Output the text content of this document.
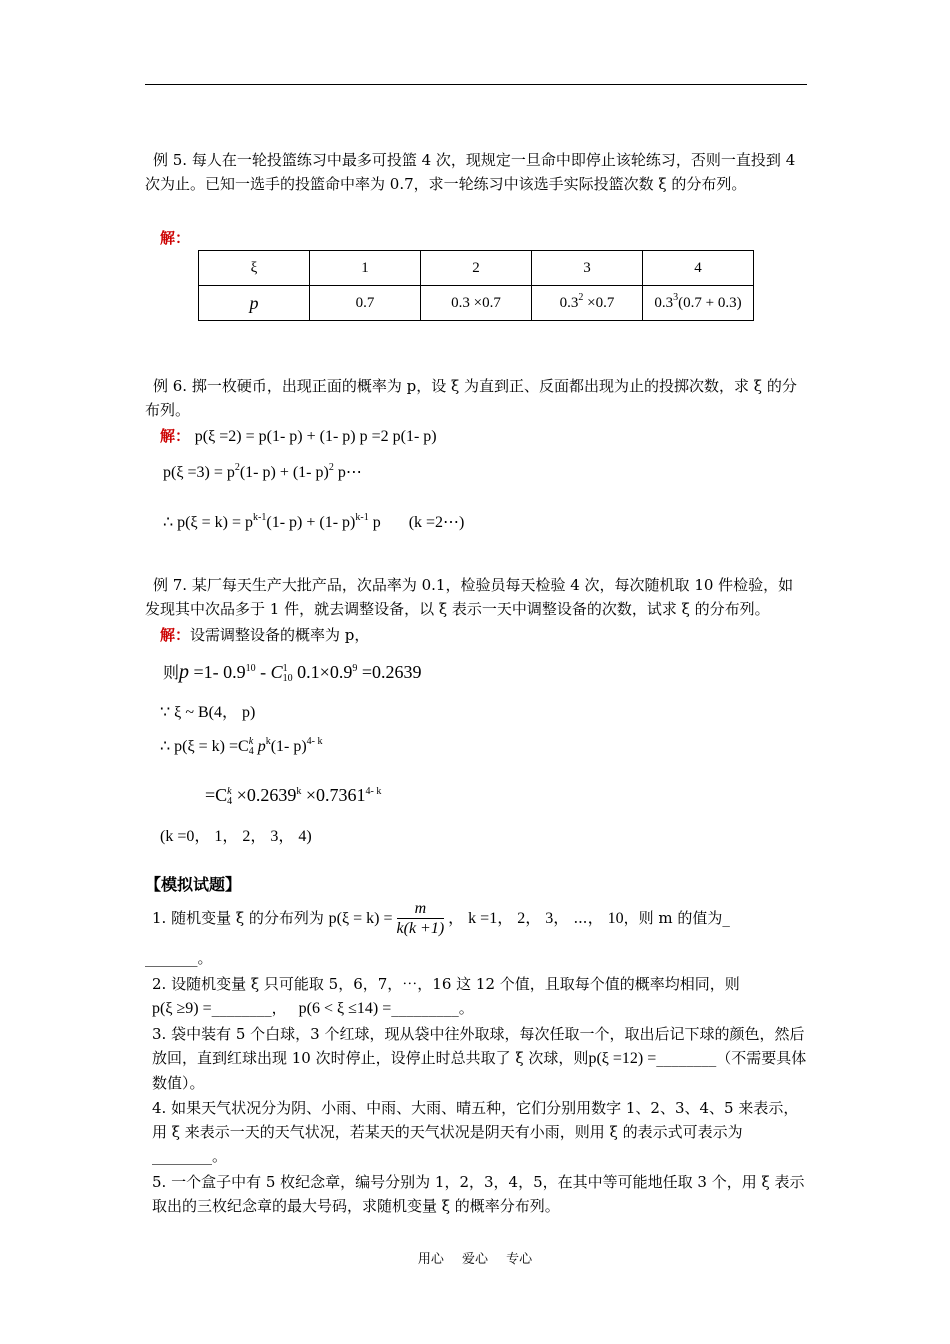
例 5. 每人在一轮投篮练习中最多可投篮 4 次，现规定一旦命中即停止该轮练习，否则一直投到 4 次为止。已知一选手的投篮命中率为 0.7，求一轮练习中该选手实际投篮次数 ξ 的分布列。
解：
ξ	1	2	3	4
p	0.7	0.3 ×0.7	$0.3^2 \times 0.7$	$0.3^3(0.7 + 0.3)$
例 6. 掷一枚硬币，出现正面的概率为 p，设 ξ 为直到正、反面都出现为止的投掷次数，求 ξ 的分布列。
解： p(ξ =2) = p(1- p) + (1- p) p =2 p(1- p)
$p(\xi =3) = p^2(1-$ p) + (1- p)$^2$ p⋯
∴ $p(\xi = k) = p^{k-1}(1-$ p) + (1- p)$^{k-1}$ p (k =2⋯)
例 7. 某厂每天生产大批产品，次品率为 0.1，检验员每天检验 4 次，每次随机取 10 件检验，如发现其中次品多于 1 件，就去调整设备，以 ξ 表示一天中调整设备的次数，试求 ξ 的分布列。
解：设需调整设备的概率为 p，
则p =1- $0.9^{10}$ - C 1
10 $0.1\times 0.9^9 =0.2639$
∵ ξ ~ B(4， p)
∴ p(ξ = k) =C k
4 $p^k(1-$ p)$^{4- k}$
=C k
$4 \times 0.2639^k \times 0.7361^{4- k}$
(k =0， 1， 2， 3， 4)
【模拟试题】
1. 随机变量 ξ 的分布列为 $p(\xi = k) = \frac{m}{k(k +1)}$ ， k =1， 2， 3， ⋯， 10，则 m 的值为_
_______。
2. 设随机变量 ξ 只可能取 5，6，7，⋯，16 这 12 个值，且取每个值的概率均相同，则p(ξ ≥9) =________， p(6 < ξ ≤14) =_________。
3. 袋中装有 5 个白球，3 个红球，现从袋中往外取球，每次任取一个，取出后记下球的颜色，然后放回，直到红球出现 10 次时停止，设停止时总共取了 ξ 次球，则p(ξ =12) =________（不需要具体数值）。
4. 如果天气状况分为阴、小雨、中雨、大雨、晴五种，它们分别用数字 1、2、3、4、5 来表示，用 ξ 来表示一天的天气状况，若某天的天气状况是阴天有小雨，则用 ξ 的表示式可表示为________。
5. 一个盒子中有 5 枚纪念章，编号分别为 1，2，3，4，5，在其中等可能地任取 3 个，用 ξ 表示取出的三枚纪念章的最大号码，求随机变量 ξ 的概率分布列。
用心 爱心 专心
